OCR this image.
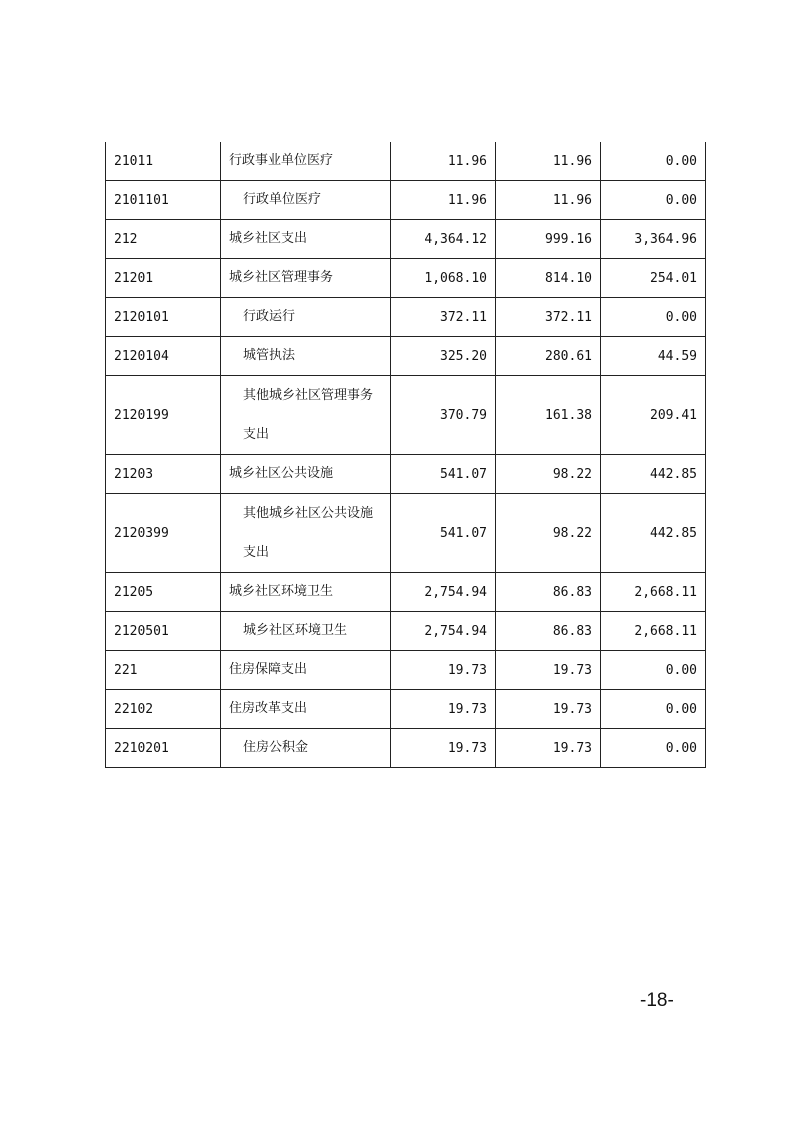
21011	行政事业单位医疗	11.96	11.96	0.00
2101101	行政单位医疗	11.96	11.96	0.00
212	城乡社区支出	4,364.12	999.16	3,364.96
21201	城乡社区管理事务	1,068.10	814.10	254.01
2120101	行政运行	372.11	372.11	0.00
2120104	城管执法	325.20	280.61	44.59
2120199	其他城乡社区管理事务支出	370.79	161.38	209.41
21203	城乡社区公共设施	541.07	98.22	442.85
2120399	其他城乡社区公共设施支出	541.07	98.22	442.85
21205	城乡社区环境卫生	2,754.94	86.83	2,668.11
2120501	城乡社区环境卫生	2,754.94	86.83	2,668.11
221	住房保障支出	19.73	19.73	0.00
22102	住房改革支出	19.73	19.73	0.00
2210201	住房公积金	19.73	19.73	0.00
-18-
